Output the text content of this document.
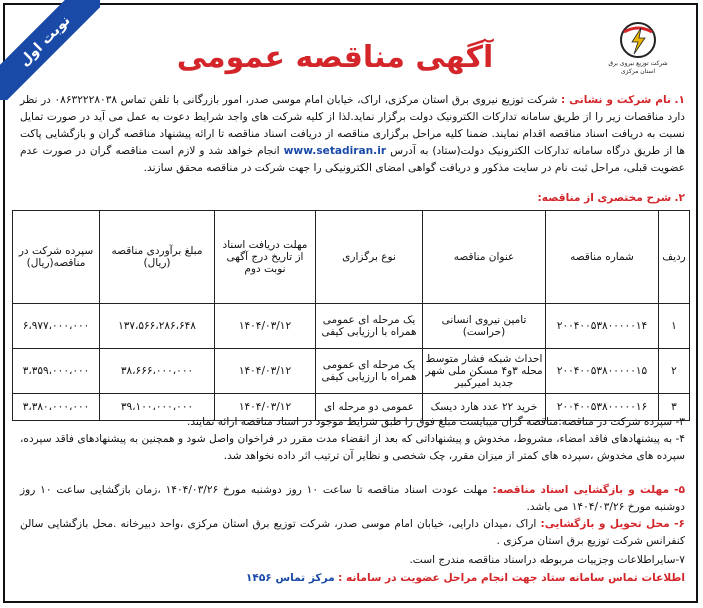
نوبت اول	آگهی مناقصه عمومی	شرکت توزیع نیروی برق
استان مرکزی
۱. نام شرکت و نشانی : شرکت توزیع نیروی برق استان مرکزی، اراک، خیابان امام موسی صدر، امور بازرگانی با تلفن تماس ۰۸۶۳۲۲۲۸۰۳۸ در نظر دارد مناقصات زیر را از طریق سامانه تدارکات الکترونیک دولت برگزار نماید.لذا از کلیه شرکت های واجد شرایط دعوت به عمل می آید در صورت تمایل نسبت به دریافت اسناد مناقصه اقدام نمایند. ضمنا کلیه مراحل برگزاری مناقصه از دریافت اسناد مناقصه تا ارائه پیشنهاد مناقصه گران و بازگشایی پاکت ها از طریق درگاه سامانه تدارکات الکترونیک دولت(ستاد) به آدرس www.setadiran.ir انجام خواهد شد و لازم است مناقصه گران در صورت عدم عضویت قبلی، مراحل ثبت نام در سایت مذکور و دریافت گواهی امضای الکترونیکی را جهت شرکت در مناقصه محقق سازند.
۲. شرح مختصری از مناقصه:
ردیف	شماره مناقصه	عنوان مناقصه	نوع برگزاری	مهلت دریافت اسناد از تاریخ درج آگهی نوبت دوم	مبلغ برآوردی مناقصه (ریال)	سپرده شرکت در مناقصه(ریال)
۱	۲۰۰۴۰۰۵۳۸۰۰۰۰۰۱۴	تامین نیروی انسانی (حراست)	یک مرحله ای عمومی همراه با ارزیابی کیفی	۱۴۰۴/۰۳/۱۲	۱۳۷،۵۶۶،۲۸۶،۶۴۸	۶،۹۷۷،۰۰۰،۰۰۰
۲	۲۰۰۴۰۰۵۳۸۰۰۰۰۰۱۵	احداث شبکه فشار متوسط محله ۳و۴ مسکن ملی شهر جدید امیرکبیر	یک مرحله ای عمومی همراه با ارزیابی کیفی	۱۴۰۴/۰۳/۱۲	۳۸،۶۶۶،۰۰۰،۰۰۰	۳،۳۵۹،۰۰۰،۰۰۰
۳	۲۰۰۴۰۰۵۳۸۰۰۰۰۰۱۶	خرید ۲۲ عدد هارد دیسک	عمومی دو مرحله ای	۱۴۰۴/۰۳/۱۲	۳۹،۱۰۰،۰۰۰،۰۰۰	۳،۳۸۰،۰۰۰،۰۰۰
۳- سپرده شرکت در مناقصه:مناقصه گران میبایست مبلغ فوق را طبق شرایط موجود در اسناد مناقصه ارائه نمایند.
۴- به پیشنهادهای فاقد امضاء، مشروط، مخدوش و پیشنهاداتی که بعد از انقضاء مدت مقرر در فراخوان واصل شود و همچنین به پیشنهادهای فاقد سپرده، سپرده های مخدوش ،سپرده های کمتر از میزان مقرر، چک شخصی و نظایر آن ترتیب اثر داده نخواهد شد.
۵- مهلت و بازگشایی اسناد مناقصه: مهلت عودت اسناد مناقصه تا ساعت ۱۰ روز دوشنبه مورخ ۱۴۰۴/۰۳/۲۶ ،زمان بازگشایی ساعت ۱۰ روز دوشنبه مورخ ۱۴۰۴/۰۳/۲۶ می باشد.
۶- محل تحویل و بازگشایی: اراک ،میدان دارایی، خیابان امام موسی صدر، شرکت توزیع برق استان مرکزی ،واحد دبیرخانه .محل بازگشایی سالن کنفرانس شرکت توزیع برق استان مرکزی .
۷-سایراطلاعات وجزییات مربوطه دراسناد مناقصه مندرج است.
اطلاعات تماس سامانه ستاد جهت انجام مراحل عضویت در سامانه : مرکز تماس ۱۴۵۶
